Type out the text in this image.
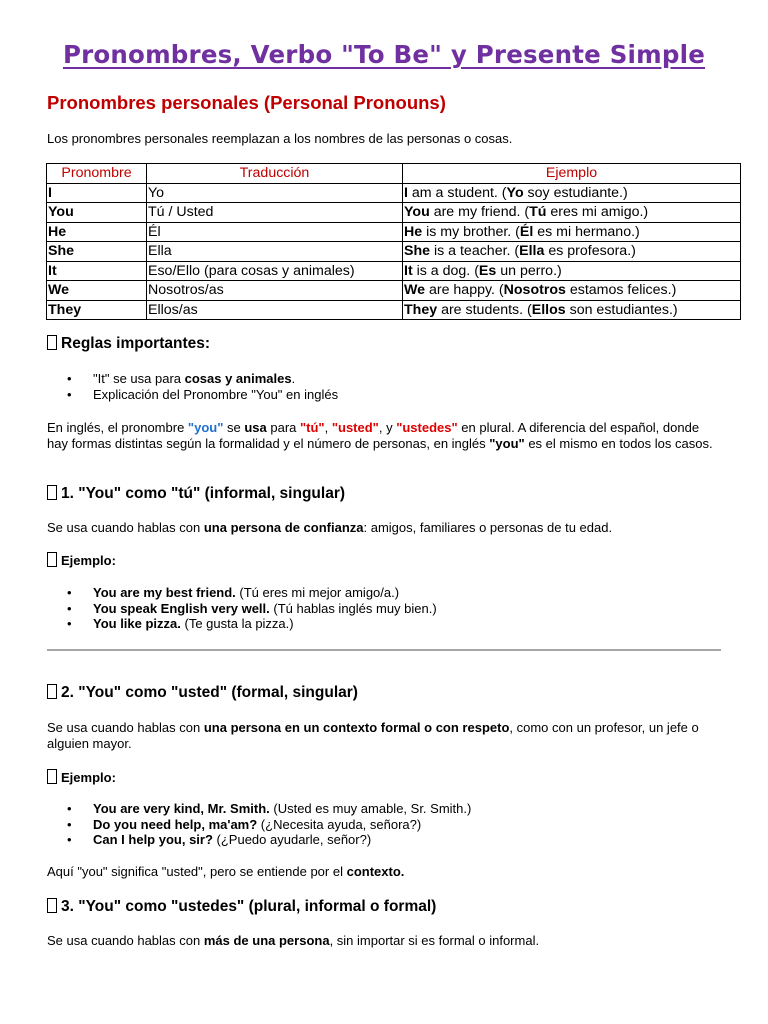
Pronombres, Verbo "To Be" y Presente Simple
Pronombres personales (Personal Pronouns)

Los pronombres personales reemplazan a los nombres de las personas o cosas.

Pronombre	Traducción	Ejemplo
I	Yo	I am a student. (Yo soy estudiante.)
You	Tú / Usted	You are my friend. (Tú eres mi amigo.)
He	Él	He is my brother. (Él es mi hermano.)
She	Ella	She is a teacher. (Ella es profesora.)
It	Eso/Ello (para cosas y animales)	It is a dog. (Es un perro.)
We	Nosotros/as	We are happy. (Nosotros estamos felices.)
They	Ellos/as	They are students. (Ellos son estudiantes.)
Reglas importantes:
• "It" se usa para cosas y animales.
• Explicación del Pronombre "You" en inglés

En inglés, el pronombre "you" se usa para "tú", "usted", y "ustedes" en plural. A diferencia del español, donde hay formas distintas según la formalidad y el número de personas, en inglés "you" es el mismo en todos los casos.

1. "You" como "tú" (informal, singular)

Se usa cuando hablas con una persona de confianza: amigos, familiares o personas de tu edad.

Ejemplo:
• You are my best friend. (Tú eres mi mejor amigo/a.)
• You speak English very well. (Tú hablas inglés muy bien.)
• You like pizza. (Te gusta la pizza.)
2. "You" como "usted" (formal, singular)

Se usa cuando hablas con una persona en un contexto formal o con respeto, como con un profesor, un jefe o alguien mayor.

Ejemplo:
• You are very kind, Mr. Smith. (Usted es muy amable, Sr. Smith.)
• Do you need help, ma'am? (¿Necesita ayuda, señora?)
• Can I help you, sir? (¿Puedo ayudarle, señor?)

Aquí "you" significa "usted", pero se entiende por el contexto.

3. "You" como "ustedes" (plural, informal o formal)

Se usa cuando hablas con más de una persona, sin importar si es formal o informal.
